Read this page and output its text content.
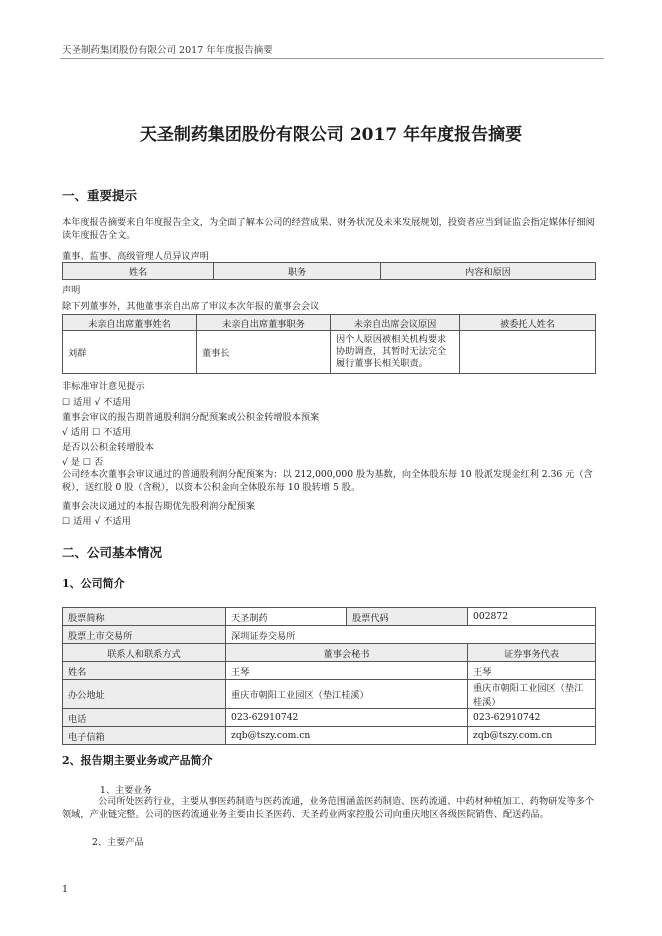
天圣制药集团股份有限公司 2017 年年度报告摘要
天圣制药集团股份有限公司 2017 年年度报告摘要
一、重要提示
本年度报告摘要来自年度报告全文，为全面了解本公司的经营成果、财务状况及未来发展规划，投资者应当到证监会指定媒体仔细阅读年度报告全文。
董事、监事、高级管理人员异议声明
姓名	职务	内容和原因
声明
除下列董事外，其他董事亲自出席了审议本次年报的董事会会议
未亲自出席董事姓名	未亲自出席董事职务	未亲自出席会议原因	被委托人姓名
刘群	董事长	因个人原因被相关机构要求
协助调查，其暂时无法完全
履行董事长相关职责。	

非标准审计意见提示
☐ 适用 √ 不适用
董事会审议的报告期普通股利润分配预案或公积金转增股本预案
√ 适用 ☐ 不适用
是否以公积金转增股本
√ 是 ☐ 否
公司经本次董事会审议通过的普通股利润分配预案为：以 212,000,000 股为基数，向全体股东每 10 股派发现金红利 2.36 元（含税），送红股 0 股（含税），以资本公积金向全体股东每 10 股转增 5 股。
董事会决议通过的本报告期优先股利润分配预案
☐ 适用 √ 不适用
二、公司基本情况
1、公司简介
股票简称	天圣制药	股票代码	002872
股票上市交易所	深圳证券交易所		
联系人和联系方式	董事会秘书		证券事务代表
姓名	王琴		王琴
办公地址	重庆市朝阳工业园区（垫江桂溪）		重庆市朝阳工业园区（垫江桂溪）
电话	023-62910742		023-62910742
电子信箱	zqb@tszy.com.cn		zqb@tszy.com.cn
2、报告期主要业务或产品简介
1、主要业务
公司所处医药行业，主要从事医药制造与医药流通，业务范围涵盖医药制造、医药流通、中药材种植加工、药物研发等多个领域，产业链完整。公司的医药流通业务主要由长圣医药、天圣药业两家控股公司向重庆地区各级医院销售、配送药品。
2、主要产品
1
